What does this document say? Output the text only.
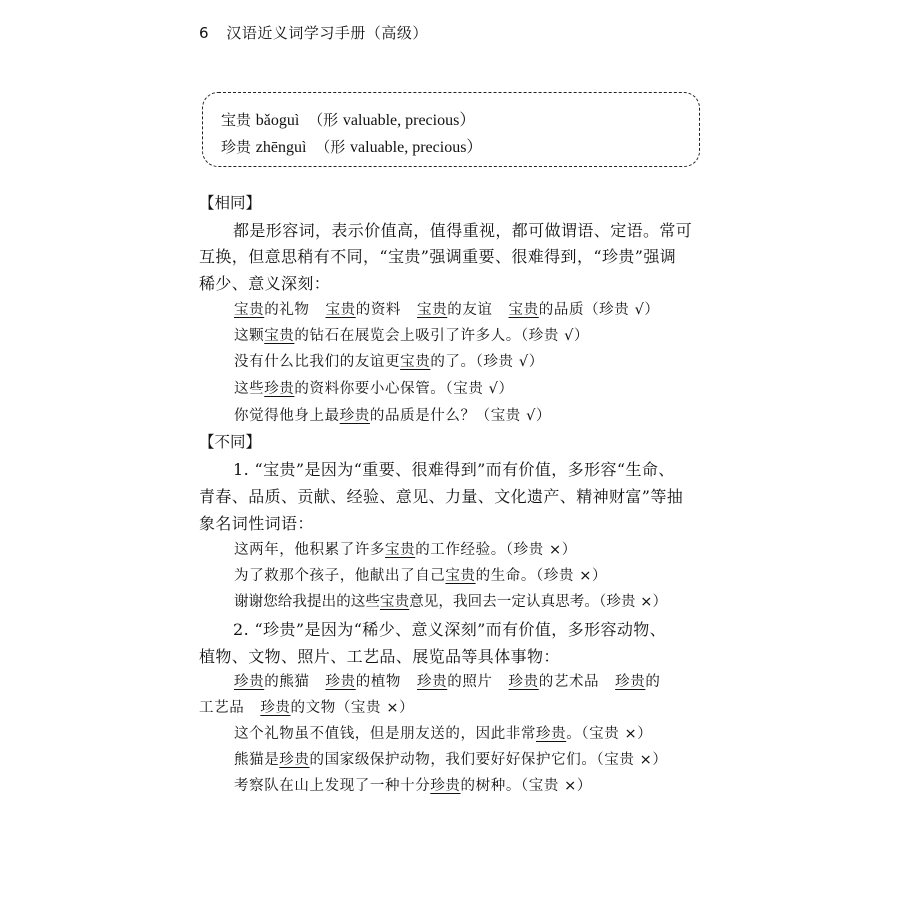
6 汉语近义词学习手册（高级）
宝贵 bǎoguì （形 valuable, precious）
珍贵 zhēnguì （形 valuable, precious）
【相同】
都是形容词，表示价值高，值得重视，都可做谓语、定语。常可
互换，但意思稍有不同，“宝贵”强调重要、很难得到，“珍贵”强调
稀少、意义深刻：
宝贵的礼物 宝贵的资料 宝贵的友谊 宝贵的品质（珍贵 √）
这颗宝贵的钻石在展览会上吸引了许多人。（珍贵 √）
没有什么比我们的友谊更宝贵的了。（珍贵 √）
这些珍贵的资料你要小心保管。（宝贵 √）
你觉得他身上最珍贵的品质是什么？（宝贵 √）
【不同】
1. “宝贵”是因为“重要、很难得到”而有价值，多形容“生命、
青春、品质、贡献、经验、意见、力量、文化遗产、精神财富”等抽
象名词性词语：
这两年，他积累了许多宝贵的工作经验。（珍贵 ×）
为了救那个孩子，他献出了自己宝贵的生命。（珍贵 ×）
谢谢您给我提出的这些宝贵意见，我回去一定认真思考。（珍贵 ×）
2. “珍贵”是因为“稀少、意义深刻”而有价值，多形容动物、
植物、文物、照片、工艺品、展览品等具体事物：
珍贵的熊猫 珍贵的植物 珍贵的照片 珍贵的艺术品 珍贵的
工艺品 珍贵的文物（宝贵 ×）
这个礼物虽不值钱，但是朋友送的，因此非常珍贵。（宝贵 ×）
熊猫是珍贵的国家级保护动物，我们要好好保护它们。（宝贵 ×）
考察队在山上发现了一种十分珍贵的树种。（宝贵 ×）
